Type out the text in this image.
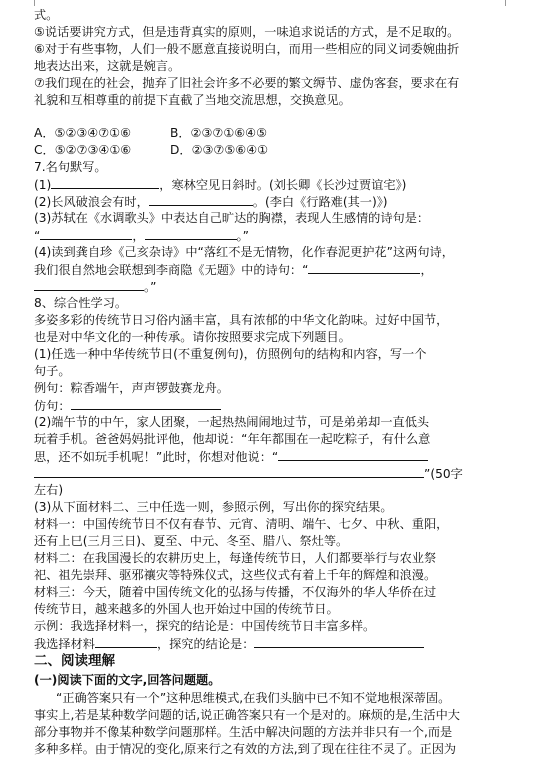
式。
⑤说话要讲究方式，但是违背真实的原则，一味追求说话的方式，是不足取的。
⑥对于有些事物，人们一般不愿意直接说明白，而用一些相应的同义词委婉曲折
地表达出来，这就是婉言。
⑦我们现在的社会，抛弃了旧社会许多不必要的繁文缛节、虚伪客套，要求在有
礼貌和互相尊重的前提下直截了当地交流思想，交换意见。
A．⑤②③④⑦①⑥	B．②③⑦①⑥④⑤
C．⑤②⑦③④①⑥	D．②③⑦⑤⑥④①
7.名句默写。
(1)	，寒林空见日斜时。(刘长卿《长沙过贾谊宅》)
(2)长风破浪会有时，	。(李白《行路难(其一)》)
(3)苏轼在《水调歌头》中表达自己旷达的胸襟，表现人生感情的诗句是：
“	，	。”
(4)读到龚自珍《己亥杂诗》中“落红不是无情物，化作春泥更护花”这两句诗，
我们很自然地会联想到李商隐《无题》中的诗句：“	，
。”
8、综合性学习。
多姿多彩的传统节日习俗内涵丰富，具有浓郁的中华文化韵味。过好中国节，
也是对中华文化的一种传承。请你按照要求完成下列题目。
(1)任选一种中华传统节日(不重复例句)，仿照例句的结构和内容，写一个
句子。
例句：粽香端午，声声锣鼓赛龙舟。
仿句：
(2)端午节的中午，家人团聚，一起热热闹闹地过节，可是弟弟却一直低头
玩着手机。爸爸妈妈批评他，他却说：“年年都围在一起吃粽子，有什么意
思，还不如玩手机呢！”此时，你想对他说：“
”(50字
左右)
(3)从下面材料二、三中任选一则，参照示例，写出你的探究结果。
材料一：中国传统节日不仅有春节、元宵、清明、端午、七夕、中秋、重阳，
还有上巳(三月三日)、夏至、中元、冬至、腊八、祭灶等。
材料二：在我国漫长的农耕历史上，每逢传统节日，人们都要举行与农业祭
祀、祖先崇拜、驱邪禳灾等特殊仪式，这些仪式有着上千年的辉煌和浪漫。
材料三：今天，随着中国传统文化的弘扬与传播，不仅海外的华人华侨在过
传统节日，越来越多的外国人也开始过中国的传统节日。
示例：我选择材料一，探究的结论是：中国传统节日丰富多样。
我选择材料	，探究的结论是：
二、阅读理解
(一)阅读下面的文字,回答问题题。
“正确答案只有一个”这种思维模式,在我们头脑中已不知不觉地根深蒂固。
事实上,若是某种数学问题的话,说正确答案只有一个是对的。麻烦的是,生活中大
部分事物并不像某种数学问题那样。生活中解决问题的方法并非只有一个,而是
多种多样。由于情况的变化,原来行之有效的方法,到了现在往往不灵了。正因为
